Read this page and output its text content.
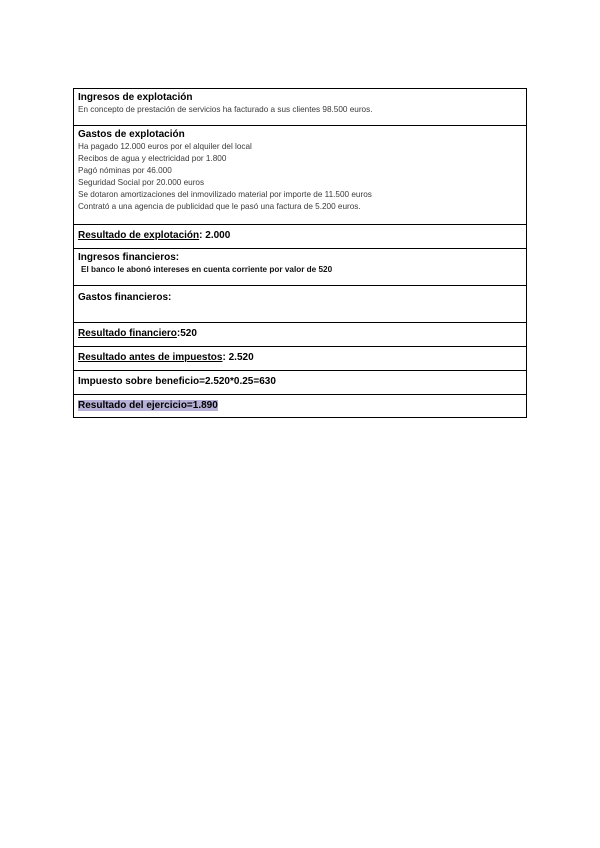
Ingresos de explotación
En concepto de prestación de servicios ha facturado a sus clientes 98.500 euros.

Gastos de explotación
Ha pagado 12.000 euros por el alquiler del local
Recibos de agua y electricidad por 1.800
Pagó nóminas por 46.000
Seguridad Social por 20.000 euros
Se dotaron amortizaciones del inmovilizado material por importe de 11.500 euros
Contrató a una agencia de publicidad que le pasó una factura de 5.200 euros.

Resultado de explotación: 2.000

Ingresos financieros:
El banco le abonó intereses en cuenta corriente por valor de 520

Gastos financieros:

Resultado financiero:520
Resultado antes de impuestos: 2.520
Impuesto sobre beneficio=2.520*0.25=630
Resultado del ejercicio=1.890
